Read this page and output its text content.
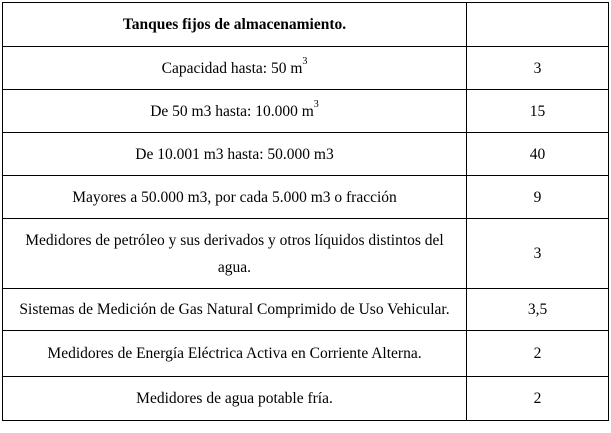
Tanques fijos de almacenamiento.	
Capacidad hasta: 50 $m^3$	3
De 50 m3 hasta: 10.000 $m^3$	15
De 10.001 m3 hasta: 50.000 m3	40
Mayores a 50.000 m3, por cada 5.000 m3 o fracción	9
Medidores de petróleo y sus derivados y otros líquidos distintos del agua.	3
Sistemas de Medición de Gas Natural Comprimido de Uso Vehicular.	3,5
Medidores de Energía Eléctrica Activa en Corriente Alterna.	2
Medidores de agua potable fría.	2
